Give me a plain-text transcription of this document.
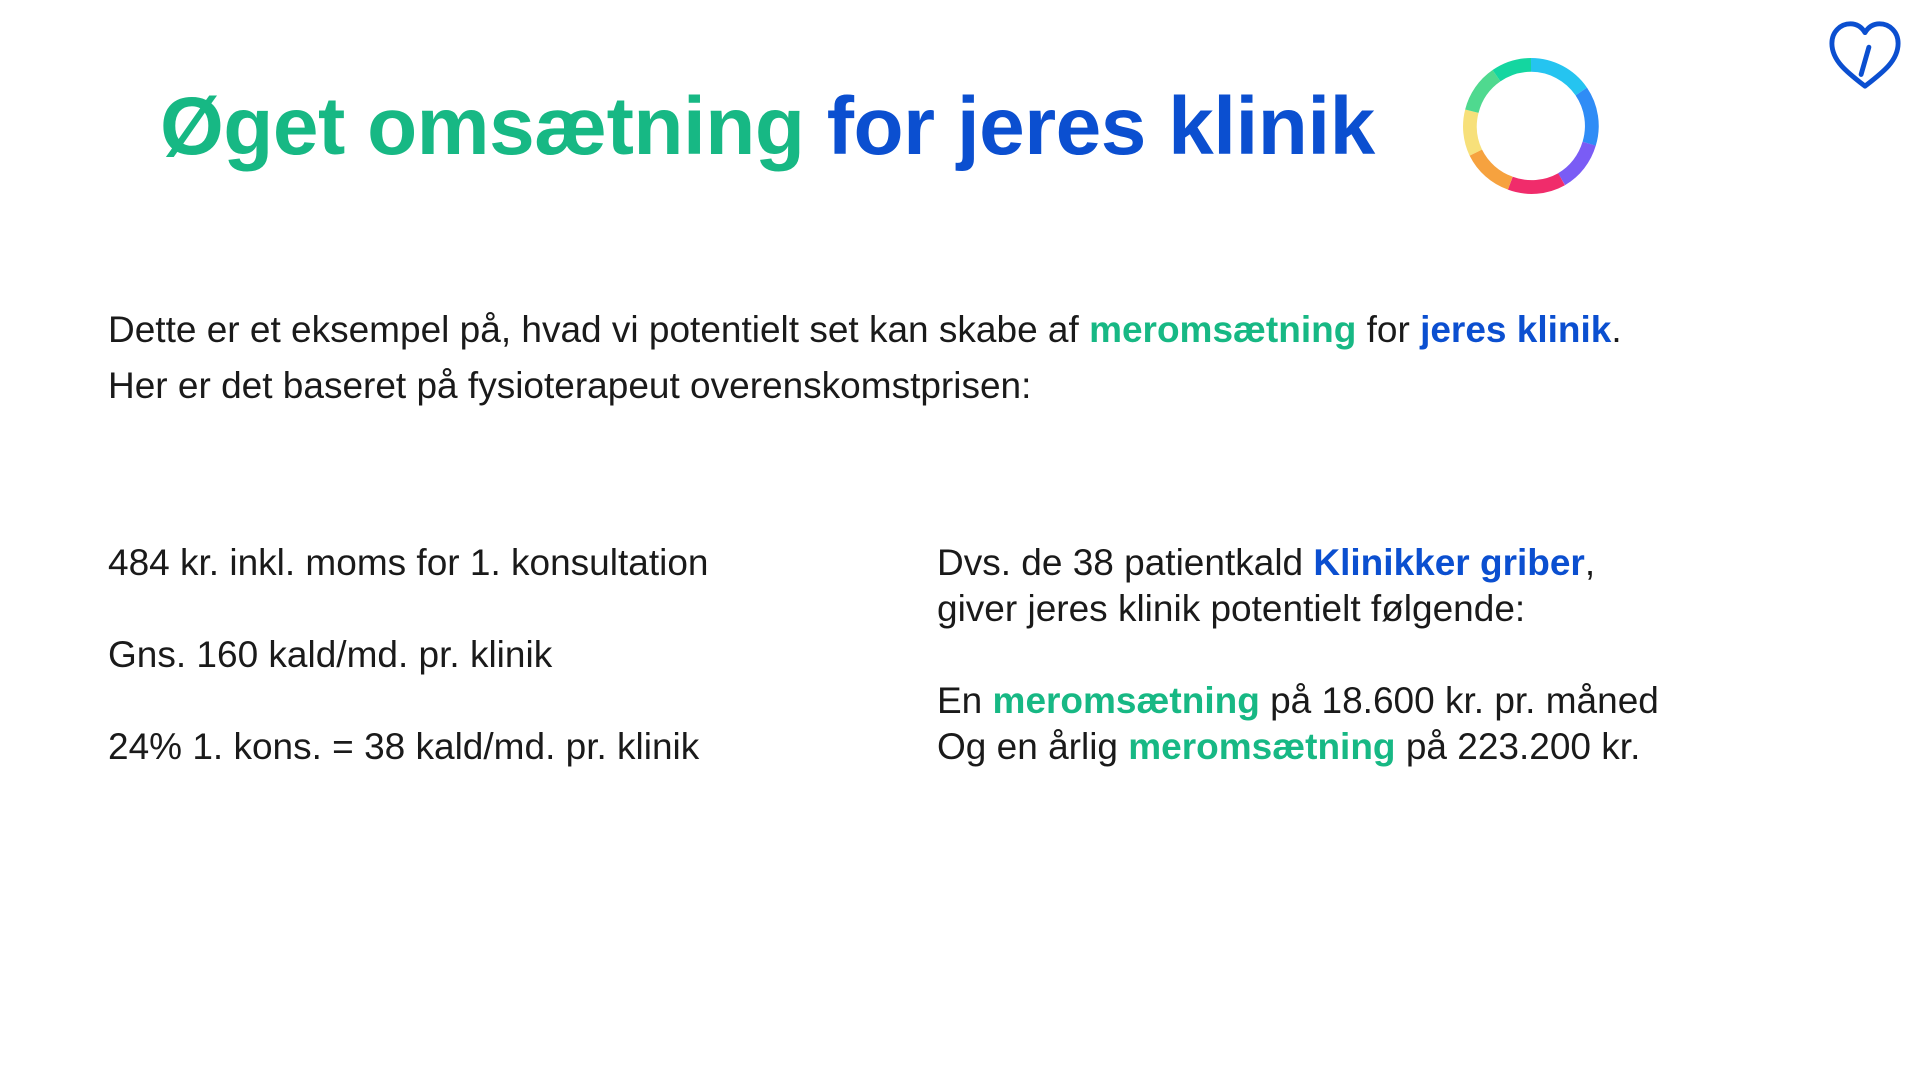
Øget omsætning for jeres klinik

Dette er et eksempel på, hvad vi potentielt set kan skabe af meromsætning for jeres klinik.

Her er det baseret på fysioterapeut overenskomstprisen:

484 kr. inkl. moms for 1. konsultation

Gns. 160 kald/md. pr. klinik

24% 1. kons. = 38 kald/md. pr. klinik

Dvs. de 38 patientkald Klinikker griber,

giver jeres klinik potentielt følgende:

En meromsætning på 18.600 kr. pr. måned

Og en årlig meromsætning på 223.200 kr.
